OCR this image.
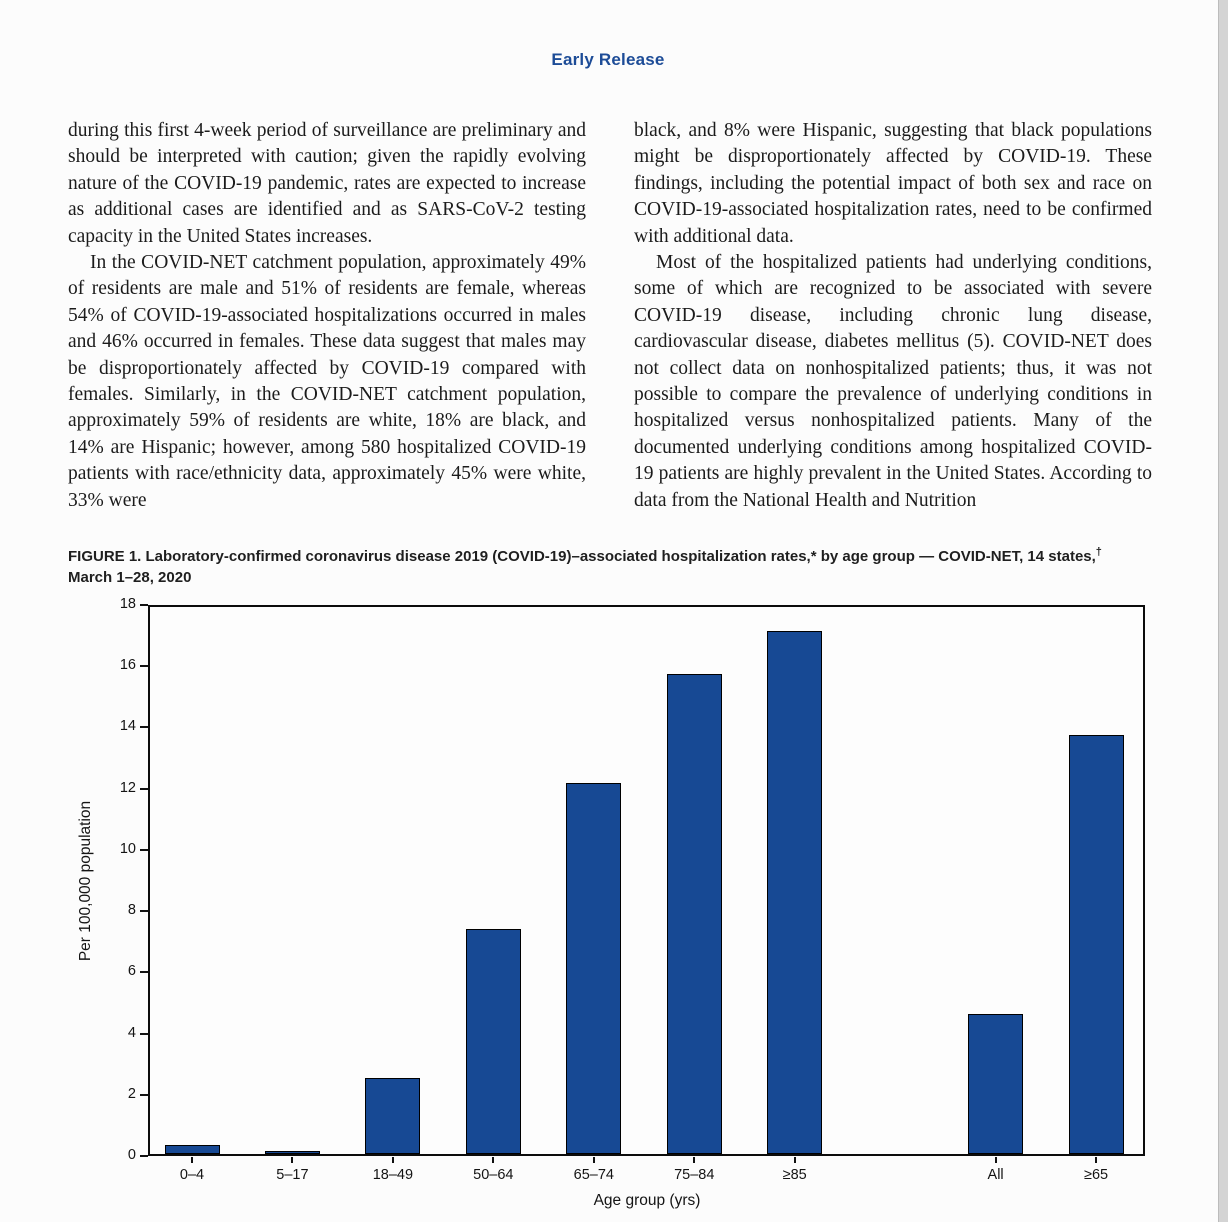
Early Release

during this first 4-week period of surveillance are preliminary and should be interpreted with caution; given the rapidly evolving nature of the COVID-19 pandemic, rates are expected to increase as additional cases are identified and as SARS-CoV-2 testing capacity in the United States increases.

In the COVID-NET catchment population, approximately 49% of residents are male and 51% of residents are female, whereas 54% of COVID-19-associated hospitalizations occurred in males and 46% occurred in females. These data suggest that males may be disproportionately affected by COVID-19 compared with females. Similarly, in the COVID-NET catchment population, approximately 59% of residents are white, 18% are black, and 14% are Hispanic; however, among 580 hospitalized COVID-19 patients with race/ethnicity data, approximately 45% were white, 33% were

black, and 8% were Hispanic, suggesting that black populations might be disproportionately affected by COVID-19. These findings, including the potential impact of both sex and race on COVID-19-associated hospitalization rates, need to be confirmed with additional data.

Most of the hospitalized patients had underlying conditions, some of which are recognized to be associated with severe COVID-19 disease, including chronic lung disease, cardiovascular disease, diabetes mellitus (5). COVID-NET does not collect data on nonhospitalized patients; thus, it was not possible to compare the prevalence of underlying conditions in hospitalized versus nonhospitalized patients. Many of the documented underlying conditions among hospitalized COVID-19 patients are highly prevalent in the United States. According to data from the National Health and Nutrition

FIGURE 1. Laboratory-confirmed coronavirus disease 2019 (COVID-19)–associated hospitalization rates,* by age group — COVID-NET, 14 states,†
March 1–28, 2020
Per 100,000 population
Age group (yrs)
0
2
4
6
8
10
12
14
16
18
0–4	5–17	18–49	50–64	65–74	75–84	≥85	All	≥65
